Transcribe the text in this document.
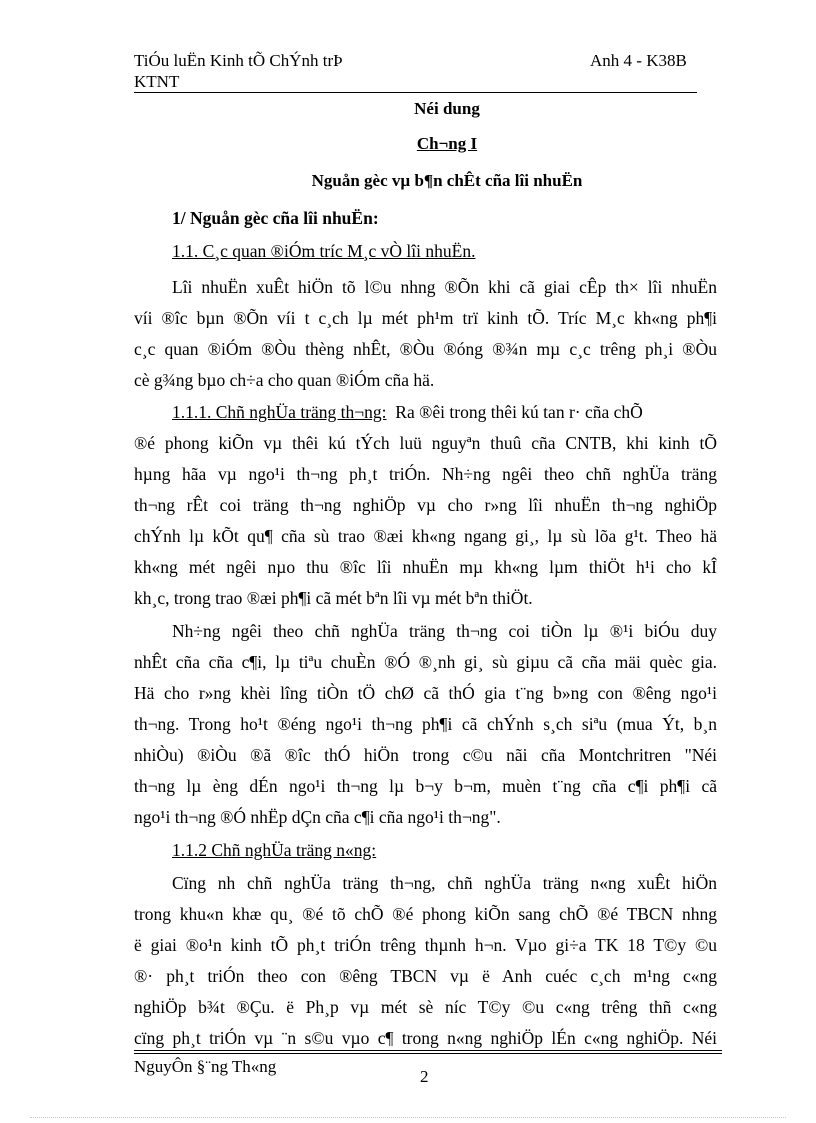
TiÓu luËn Kinh tÕ ChÝnh trÞ
KTNT
Anh 4 - K38B
Néi dung
Ch¬ng I
Nguån gèc vµ b¶n chÊt cña lîi nhuËn
1/ Nguån gèc cña lîi nhuËn:
1.1. C¸c quan ®iÓm tríc M¸c vÒ lîi nhuËn.
Lîi nhuËn xuÊt hiÖn tõ l©u nhng ®Õn khi cã giai cÊp th× lîi nhuËn
víi ®îc bµn ®Õn víi t c¸ch lµ mét ph¹m trï kinh tÕ. Tríc M¸c kh«ng ph¶i
c¸c quan ®iÓm ®Òu thèng nhÊt, ®Òu ®óng ®¾n mµ c¸c trêng ph¸i ®Òu
cè g¾ng bµo ch÷a cho quan ®iÓm cña hä.
1.1.1. Chñ nghÜa träng th¬ng: Ra ®êi trong thêi kú tan r· cña chÕ
®é phong kiÕn vµ thêi kú tÝch luü nguyªn thuû cña CNTB, khi kinh tÕ
hµng hãa vµ ngo¹i th¬ng ph¸t triÓn. Nh÷ng ngêi theo chñ nghÜa träng
th¬ng rÊt coi träng th¬ng nghiÖp vµ cho r»ng lîi nhuËn th¬ng nghiÖp
chÝnh lµ kÕt qu¶ cña sù trao ®æi kh«ng ngang gi¸, lµ sù lõa g¹t. Theo hä
kh«ng mét ngêi nµo thu ®îc lîi nhuËn mµ kh«ng lµm thiÖt h¹i cho kÎ
kh¸c, trong trao ®æi ph¶i cã mét bªn lîi vµ mét bªn thiÖt.
Nh÷ng ngêi theo chñ nghÜa träng th¬ng coi tiÒn lµ ®¹i biÓu duy
nhÊt cña cña c¶i, lµ tiªu chuÈn ®Ó ®¸nh gi¸ sù giµu cã cña mäi quèc gia.
Hä cho r»ng khèi lîng tiÒn tÖ chØ cã thÓ gia t¨ng b»ng con ®êng ngo¹i
th¬ng. Trong ho¹t ®éng ngo¹i th¬ng ph¶i cã chÝnh s¸ch siªu (mua Ýt, b¸n
nhiÒu) ®iÒu ®ã ®îc thÓ hiÖn trong c©u nãi cña Montchritren "Néi
th¬ng lµ èng dÉn ngo¹i th¬ng lµ b¬y b¬m, muèn t¨ng cña c¶i ph¶i cã
ngo¹i th¬ng ®Ó nhËp dÇn cña c¶i cña ngo¹i th¬ng".
1.1.2 Chñ nghÜa träng n«ng:
Cïng nh chñ nghÜa träng th¬ng, chñ nghÜa träng n«ng xuÊt hiÖn
trong khu«n khæ qu¸ ®é tõ chÕ ®é phong kiÕn sang chÕ ®é TBCN nhng
ë giai ®o¹n kinh tÕ ph¸t triÓn trêng thµnh h¬n. Vµo gi÷a TK 18 T©y ©u
®· ph¸t triÓn theo con ®êng TBCN vµ ë Anh cuéc c¸ch m¹ng c«ng
nghiÖp b¾t ®Çu. ë Ph¸p vµ mét sè níc T©y ©u c«ng trêng thñ c«ng
cïng ph¸t triÓn vµ ¨n s©u vµo c¶ trong n«ng nghiÖp lÉn c«ng nghiÖp. Néi
NguyÔn §¨ng Th«ng
2
